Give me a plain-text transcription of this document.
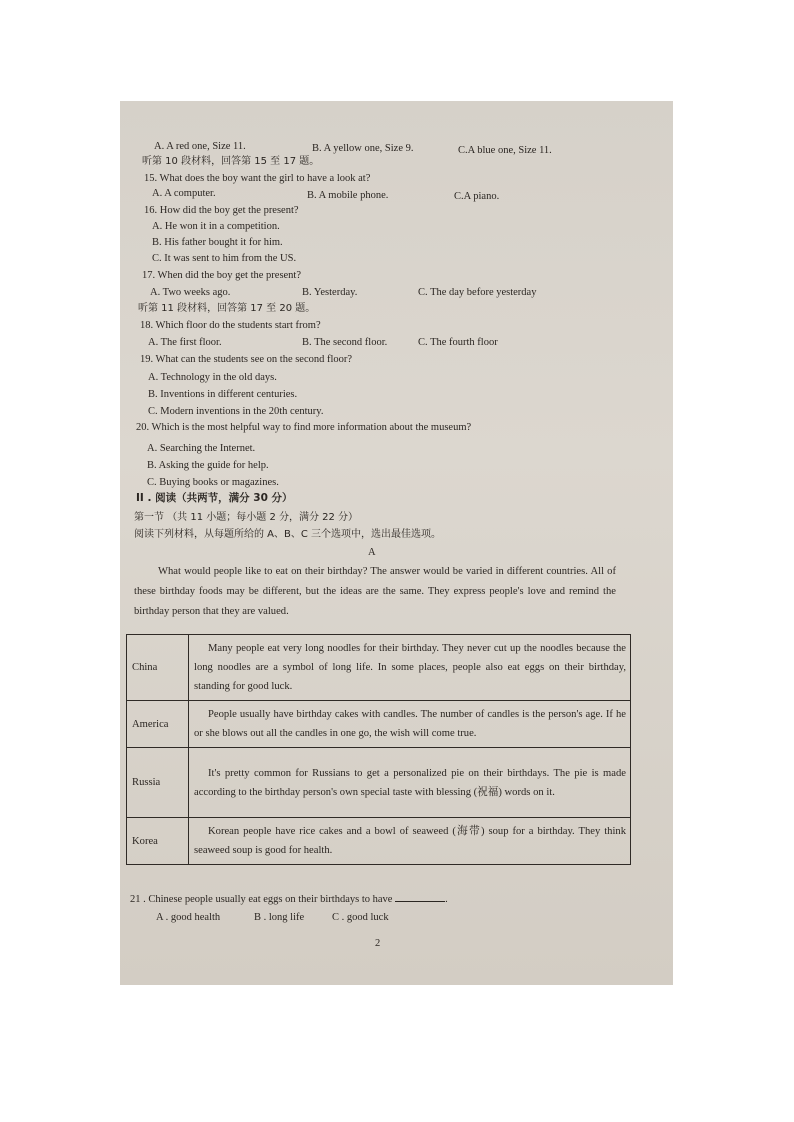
A. A red one, Size 11.	B. A yellow one, Size 9.	C.A blue one, Size 11.
听第 10 段材料，回答第 15 至 17 题。
15. What does the boy want the girl to have a look at?
A. A computer.	B. A mobile phone.	C.A piano.
16. How did the boy get the present?
A. He won it in a competition.
B. His father bought it for him.
C. It was sent to him from the US.
17. When did the boy get the present?
A. Two weeks ago.	B. Yesterday.	C. The day before yesterday
听第 11 段材料，回答第 17 至 20 题。
18. Which floor do the students start from?
A. The first floor.	B. The second floor.	C. The fourth floor
19. What can the students see on the second floor?
A. Technology in the old days.
B. Inventions in different centuries.
C. Modern inventions in the 20th century.
20. Which is the most helpful way to find more information about the museum?
A. Searching the Internet.
B. Asking the guide for help.
C. Buying books or magazines.
II . 阅读（共两节，满分 30 分）
第一节 （共 11 小题；每小题 2 分，满分 22 分）
阅读下列材料，从每题所给的 A、B、C 三个选项中，选出最佳选项。
A
What would people like to eat on their birthday? The answer would be varied in different countries. All of these birthday foods may be different, but the ideas are the same. They express people's love and remind the birthday person that they are valued.
China	Many people eat very long noodles for their birthday. They never cut up the noodles because the long noodles are a symbol of long life. In some places, people also eat eggs on their birthday, standing for good luck.
America	People usually have birthday cakes with candles. The number of candles is the person's age. If he or she blows out all the candles in one go, the wish will come true.
Russia	It's pretty common for Russians to get a personalized pie on their birthdays. The pie is made according to the birthday person's own special taste with blessing (祝福) words on it.
Korea	Korean people have rice cakes and a bowl of seaweed (海带) soup for a birthday. They think seaweed soup is good for health.
21 . Chinese people usually eat eggs on their birthdays to have	.
A . good health	B . long life	C . good luck
2
